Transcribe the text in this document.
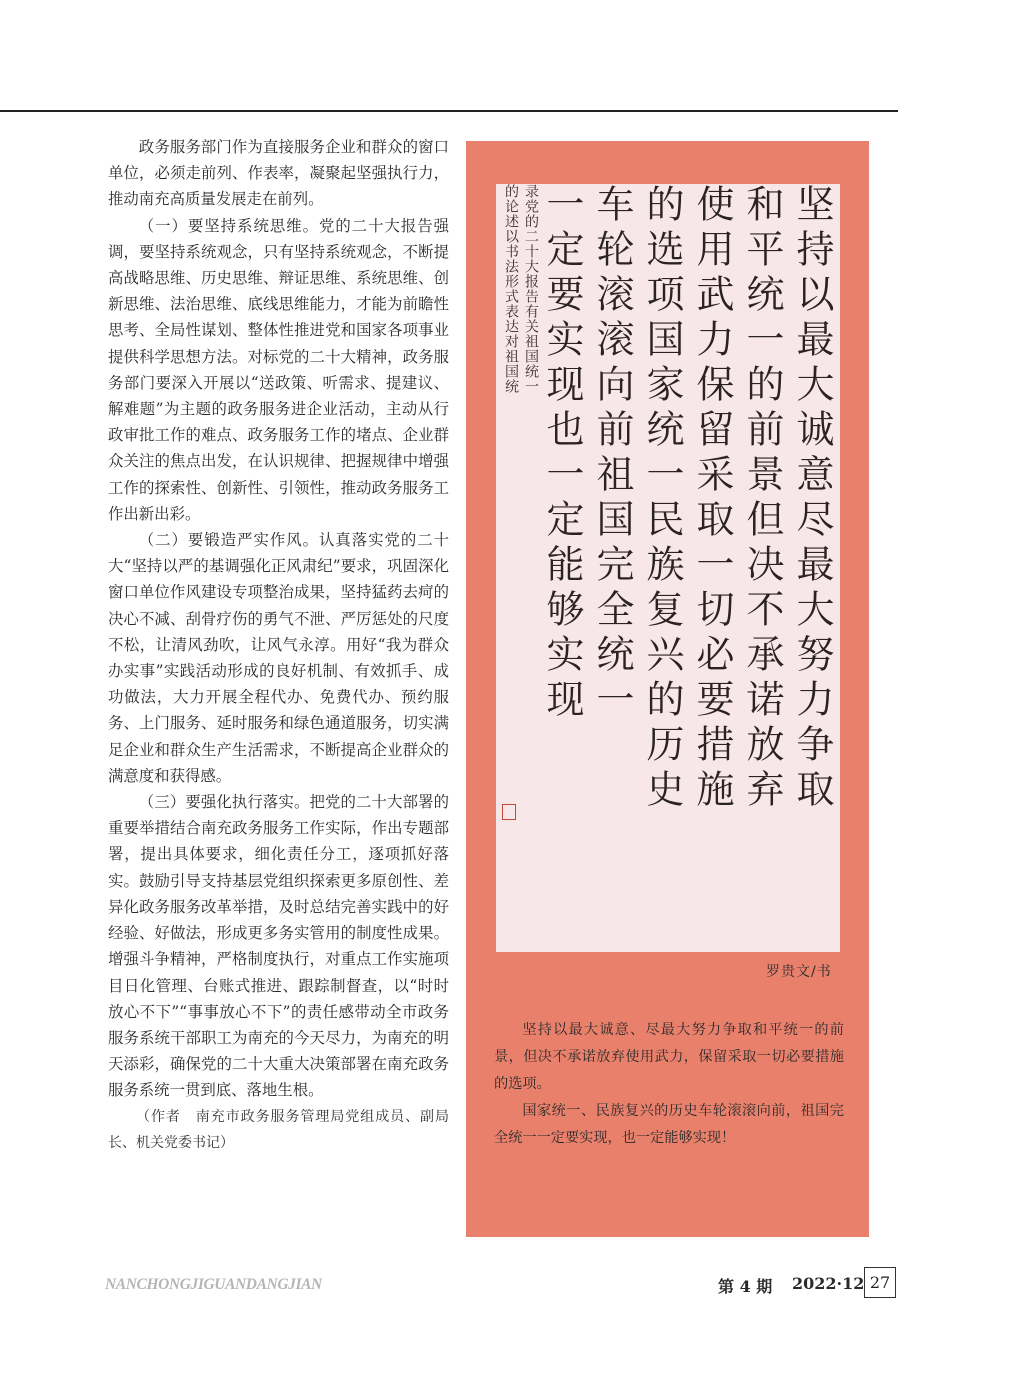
政务服务部门作为直接服务企业和群众的窗口单位，必须走前列、作表率，凝聚起坚强执行力，推动南充高质量发展走在前列。

（一）要坚持系统思维。党的二十大报告强调，要坚持系统观念，只有坚持系统观念，不断提高战略思维、历史思维、辩证思维、系统思维、创新思维、法治思维、底线思维能力，才能为前瞻性思考、全局性谋划、整体性推进党和国家各项事业提供科学思想方法。对标党的二十大精神，政务服务部门要深入开展以“送政策、听需求、提建议、解难题”为主题的政务服务进企业活动，主动从行政审批工作的难点、政务服务工作的堵点、企业群众关注的焦点出发，在认识规律、把握规律中增强工作的探索性、创新性、引领性，推动政务服务工作出新出彩。

（二）要锻造严实作风。认真落实党的二十大“坚持以严的基调强化正风肃纪”要求，巩固深化窗口单位作风建设专项整治成果，坚持猛药去疴的决心不减、刮骨疗伤的勇气不泄、严厉惩处的尺度不松，让清风劲吹，让风气永淳。用好“我为群众办实事”实践活动形成的良好机制、有效抓手、成功做法，大力开展全程代办、免费代办、预约服务、上门服务、延时服务和绿色通道服务，切实满足企业和群众生产生活需求，不断提高企业群众的满意度和获得感。

（三）要强化执行落实。把党的二十大部署的重要举措结合南充政务服务工作实际，作出专题部署，提出具体要求，细化责任分工，逐项抓好落实。鼓励引导支持基层党组织探索更多原创性、差异化政务服务改革举措，及时总结完善实践中的好经验、好做法，形成更多务实管用的制度性成果。增强斗争精神，严格制度执行，对重点工作实施项目日化管理、台账式推进、跟踪制督查，以“时时放心不下”“事事放心不下”的责任感带动全市政务服务系统干部职工为南充的今天尽力，为南充的明天添彩，确保党的二十大重大决策部署在南充政务服务系统一贯到底、落地生根。

（作者　南充市政务服务管理局党组成员、副局长、机关党委书记）

坚持以最大诚意尽最大努力争取
和平统一的前景但决不承诺放弃
使用武力保留采取一切必要措施
的选项国家统一民族复兴的历史
车轮滚滚向前祖国完全统一
一定要实现也一定能够实现
录党的二十大报告有关祖国统一
的论述以书法形式表达对祖国统
罗贵文/书

坚持以最大诚意、尽最大努力争取和平统一的前景，但决不承诺放弃使用武力，保留采取一切必要措施的选项。

国家统一、民族复兴的历史车轮滚滚向前，祖国完全统一一定要实现，也一定能够实现！

NANCHONGJIGUANDANGJIAN	第 4 期 2022·12 27
